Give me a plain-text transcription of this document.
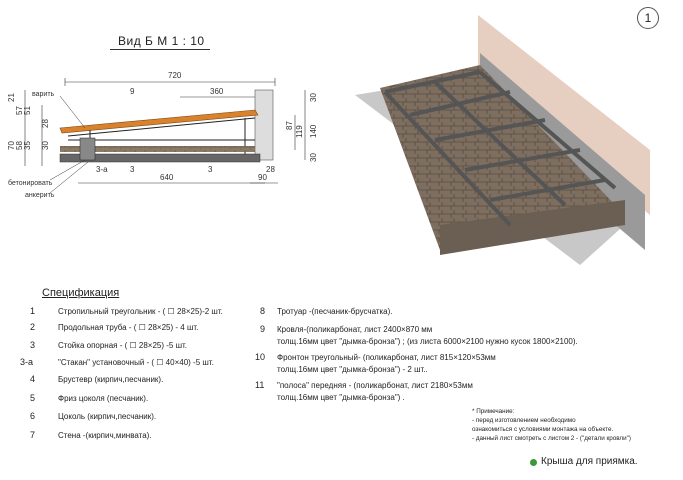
1
Вид Б М 1 : 10
720
9	360
варить
бетонировать
анкерить
3-а	3	3
640	90
21
57 51
28
30
70 58 35
30
87 119 140
30
28
Спецификация
1	Стропильный треугольник - ( ☐ 28×25)-2 шт.
2	Продольная труба - ( ☐ 28×25) - 4 шт.
3	Стойка опорная - ( ☐ 28×25) -5 шт.
3-а	"Стакан" установочный - ( ☐ 40×40) -5 шт.
4	Брустевр (кирпич,песчаник).
5	Фриз цоколя (песчаник).
6	Цоколь (кирпич,песчаник).
7	Стена -(кирпич,минвата).
8 Тротуар -(песчаник-брусчатка).
9 Кровля-(поликарбонат, лист 2400×870 мм
толщ.16мм цвет "дымка-бронза") ; (из листа 6000×2100 нужно кусок 1800×2100).
10 Фронтон треугольный- (поликарбонат, лист 815×120×53мм
толщ.16мм цвет "дымка-бронза") - 2 шт..
11 "полоса" передняя - (поликарбонат, лист 2180×53мм
толщ.16мм цвет "дымка-бронза") .
* Примечание:
- перед изготовлением необходимо
ознакомиться с условиями монтажа на объекте.
- данный лист смотреть с листом 2 - ("детали кровли")
Крыша для приямка.
